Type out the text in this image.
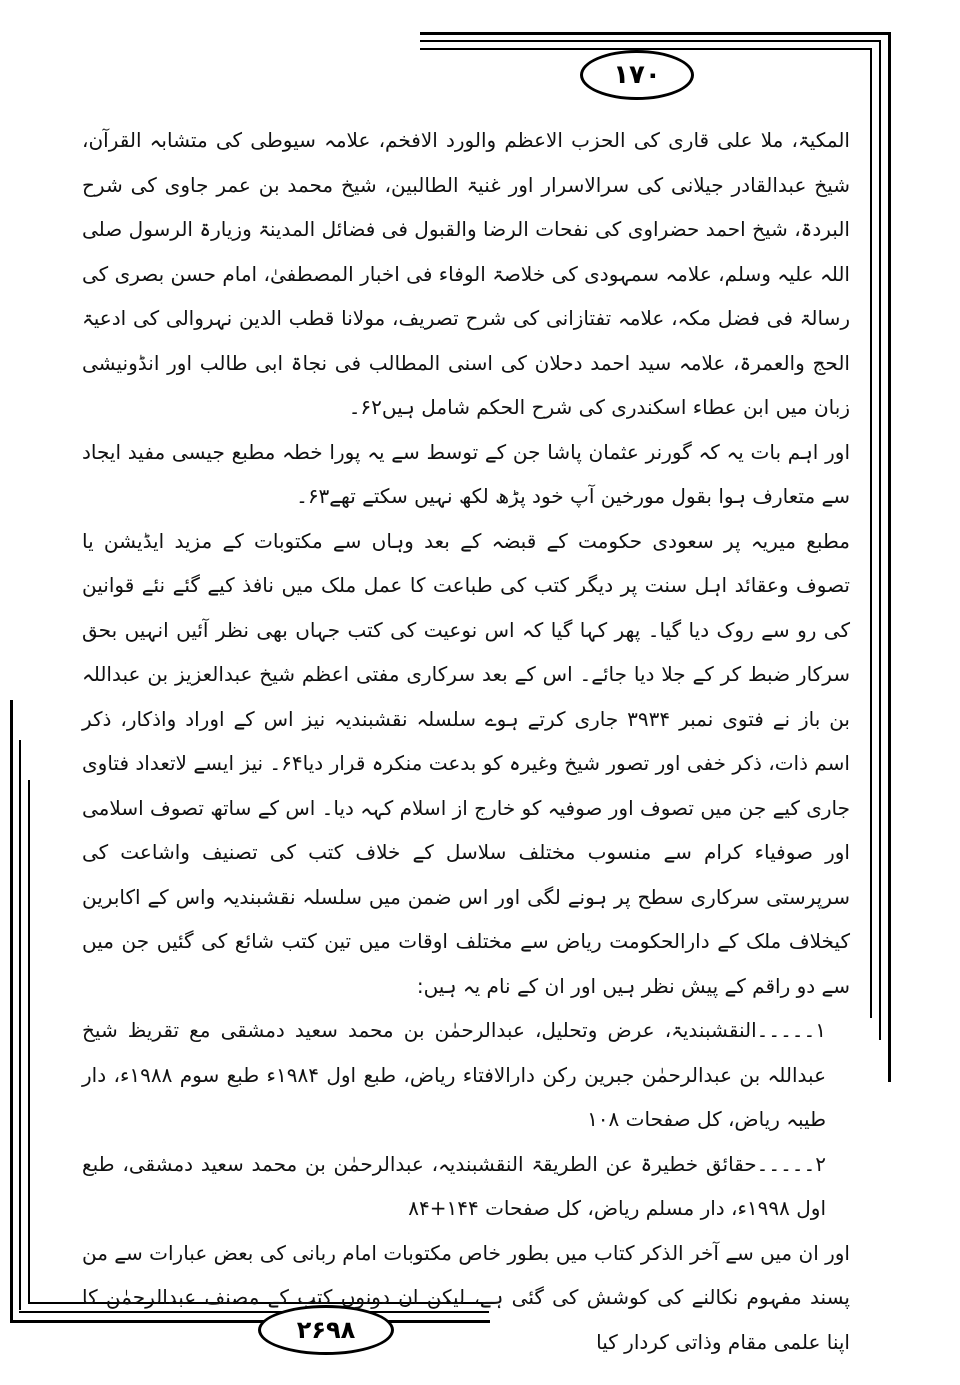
۱۷۰
۲۶۹۸

المکیۃ، ملا علی قاری کی الحزب الاعظم والورد الافخم، علامہ سیوطی کی متشابہ القرآن، شیخ عبدالقادر جیلانی کی سرالاسرار اور غنیۃ الطالبین، شیخ محمد بن عمر جاوی کی شرح البردۃ، شیخ احمد حضراوی کی نفحات الرضا والقبول فی فضائل المدینۃ وزیارۃ الرسول صلی اللہ علیہ وسلم، علامہ سمہودی کی خلاصۃ الوفاء فی اخبار المصطفیٰ، امام حسن بصری کی رسالۃ فی فضل مکہ، علامہ تفتازانی کی شرح تصریف، مولانا قطب الدین نہروالی کی ادعیۃ الحج والعمرۃ، علامہ سید احمد دحلان کی اسنی المطالب فی نجاۃ ابی طالب اور انڈونیشی زبان میں ابن عطاء اسکندری کی شرح الحکم شامل ہیں۶۲۔

اور اہم بات یہ کہ گورنر عثمان پاشا جن کے توسط سے یہ پورا خطہ مطبع جیسی مفید ایجاد سے متعارف ہوا بقول مورخین آپ خود پڑھ لکھ نہیں سکتے تھے۶۳۔

مطبع میریہ پر سعودی حکومت کے قبضہ کے بعد وہاں سے مکتوبات کے مزید ایڈیشن یا تصوف وعقائد اہل سنت پر دیگر کتب کی طباعت کا عمل ملک میں نافذ کیے گئے نئے قوانین کی رو سے روک دیا گیا۔ پھر کہا گیا کہ اس نوعیت کی کتب جہاں بھی نظر آئیں انہیں بحق سرکار ضبط کر کے جلا دیا جائے۔ اس کے بعد سرکاری مفتی اعظم شیخ عبدالعزیز بن عبداللہ بن باز نے فتوی نمبر ۳۹۳۴ جاری کرتے ہوے سلسلہ نقشبندیہ نیز اس کے اوراد واذکار، ذکر اسم ذات، ذکر خفی اور تصور شیخ وغیرہ کو بدعت منکرہ قرار دیا۶۴۔ نیز ایسے لاتعداد فتاوی جاری کیے جن میں تصوف اور صوفیہ کو خارج از اسلام کہہ دیا۔ اس کے ساتھ تصوف اسلامی اور صوفیاء کرام سے منسوب مختلف سلاسل کے خلاف کتب کی تصنیف واشاعت کی سرپرستی سرکاری سطح پر ہونے لگی اور اس ضمن میں سلسلہ نقشبندیہ واس کے اکابرین کیخلاف ملک کے دارالحکومت ریاض سے مختلف اوقات میں تین کتب شائع کی گئیں جن میں سے دو راقم کے پیش نظر ہیں اور ان کے نام یہ ہیں:

۱۔۔۔۔۔النقشبندیۃ، عرض وتحلیل، عبدالرحمٰن بن محمد سعید دمشقی مع تقریظ شیخ عبداللہ بن عبدالرحمٰن جبرین رکن دارالافتاء ریاض، طبع اول ۱۹۸۴ء طبع سوم ۱۹۸۸ء، دار طیبہ ریاض، کل صفحات ۱۰۸

۲۔۔۔۔۔حقائق خطیرۃ عن الطریقۃ النقشبندیہ، عبدالرحمٰن بن محمد سعید دمشقی، طبع اول ۱۹۹۸ء، دار مسلم ریاض، کل صفحات ۱۴۴+۸۴

اور ان میں سے آخر الذکر کتاب میں بطور خاص مکتوبات امام ربانی کی بعض عبارات سے من پسند مفہوم نکالنے کی کوشش کی گئی ہے، لیکن ان دونوں کتب کے مصنف عبدالرحمٰن کا اپنا علمی مقام وذاتی کردار کیا
